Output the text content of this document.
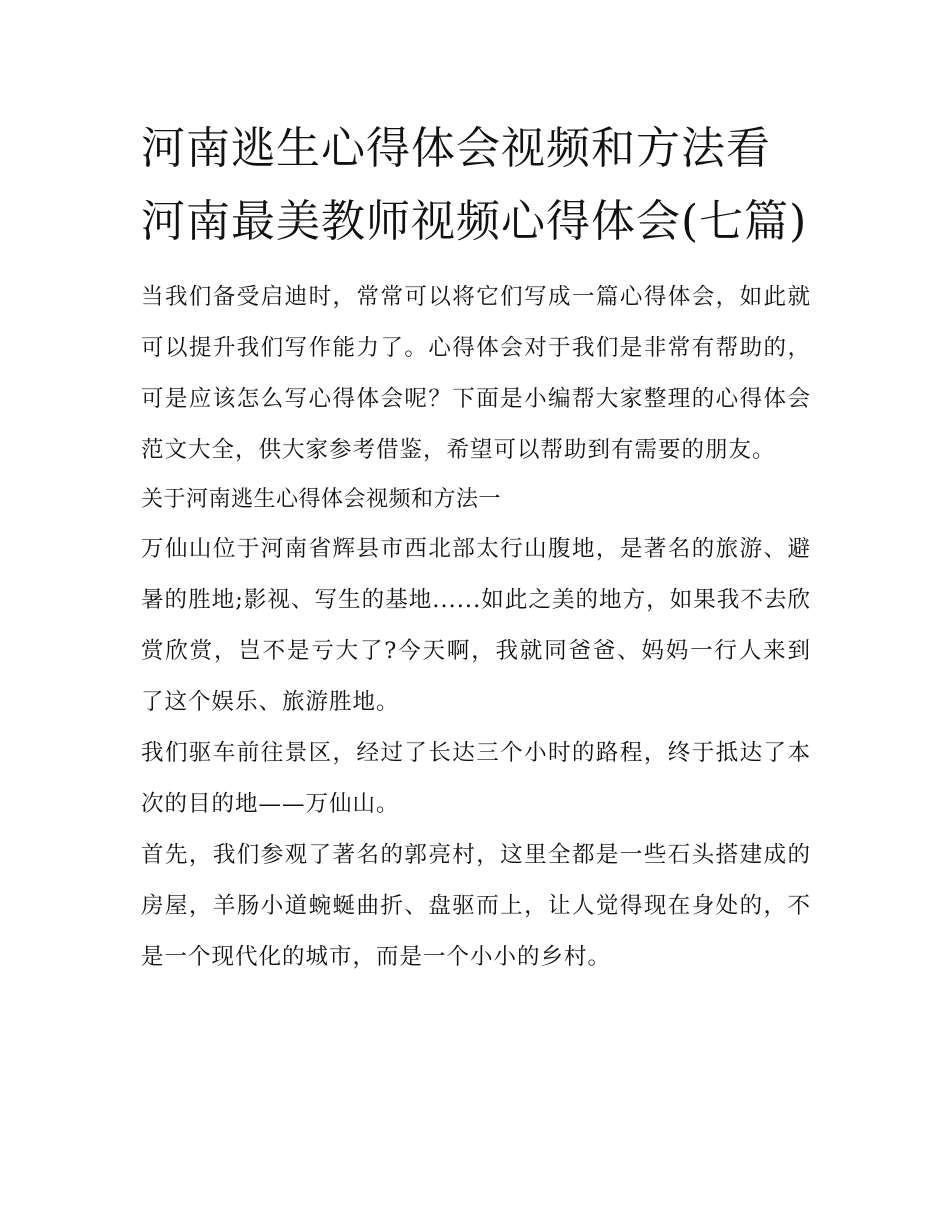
河南逃生心得体会视频和方法看河南最美教师视频心得体会(七篇)

当我们备受启迪时，常常可以将它们写成一篇心得体会，如此就可以提升我们写作能力了。心得体会对于我们是非常有帮助的，可是应该怎么写心得体会呢？下面是小编帮大家整理的心得体会范文大全，供大家参考借鉴，希望可以帮助到有需要的朋友。

关于河南逃生心得体会视频和方法一

万仙山位于河南省辉县市西北部太行山腹地，是著名的旅游、避暑的胜地;影视、写生的基地......如此之美的地方，如果我不去欣赏欣赏，岂不是亏大了?今天啊，我就同爸爸、妈妈一行人来到了这个娱乐、旅游胜地。

我们驱车前往景区，经过了长达三个小时的路程，终于抵达了本次的目的地——万仙山。

首先，我们参观了著名的郭亮村，这里全都是一些石头搭建成的房屋，羊肠小道蜿蜒曲折、盘驱而上，让人觉得现在身处的，不是一个现代化的城市，而是一个小小的乡村。
